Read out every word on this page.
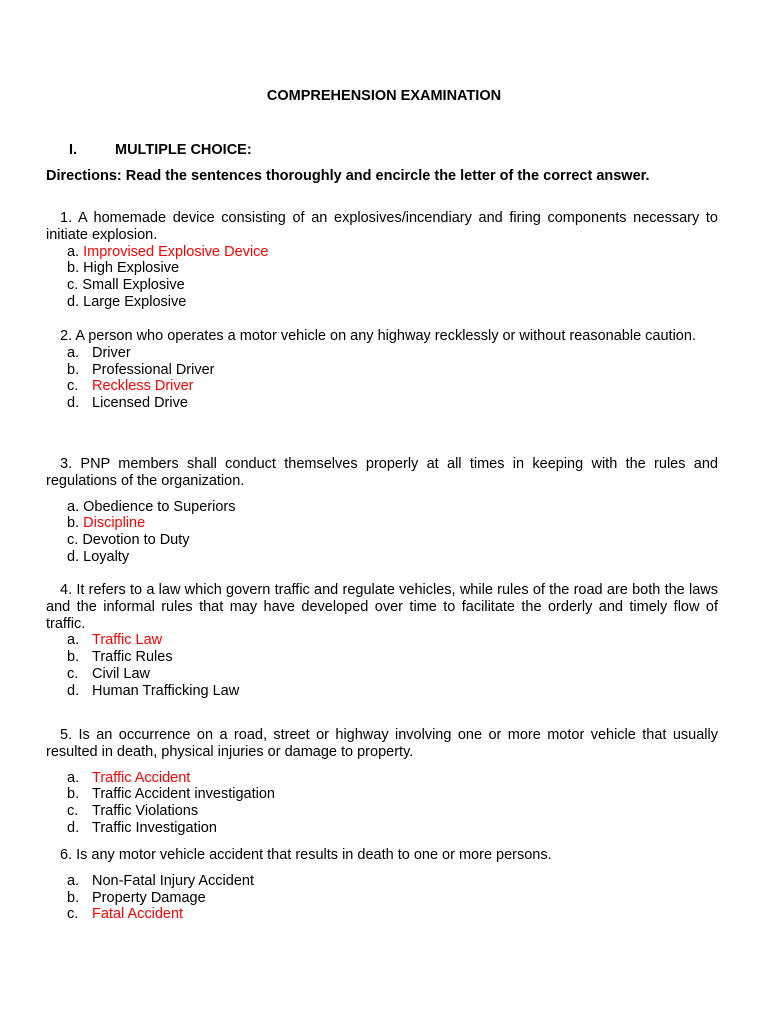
COMPREHENSION EXAMINATION
I.	MULTIPLE CHOICE:
Directions: Read the sentences thoroughly and encircle the letter of the correct answer.
1. A homemade device consisting of an explosives/incendiary and firing components necessary to initiate explosion.
a. Improvised Explosive Device
b. High Explosive
c. Small Explosive
d. Large Explosive
2. A person who operates a motor vehicle on any highway recklessly or without reasonable caution.
a. Driver
b. Professional Driver
c. Reckless Driver
d. Licensed Drive
3. PNP members shall conduct themselves properly at all times in keeping with the rules and regulations of the organization.
a. Obedience to Superiors
b. Discipline
c. Devotion to Duty
d. Loyalty
4. It refers to a law which govern traffic and regulate vehicles, while rules of the road are both the laws and the informal rules that may have developed over time to facilitate the orderly and timely flow of traffic.
a. Traffic Law
b. Traffic Rules
c. Civil Law
d. Human Trafficking Law
5. Is an occurrence on a road, street or highway involving one or more motor vehicle that usually resulted in death, physical injuries or damage to property.
a. Traffic Accident
b. Traffic Accident investigation
c. Traffic Violations
d. Traffic Investigation
6. Is any motor vehicle accident that results in death to one or more persons.
a. Non-Fatal Injury Accident
b. Property Damage
c. Fatal Accident
